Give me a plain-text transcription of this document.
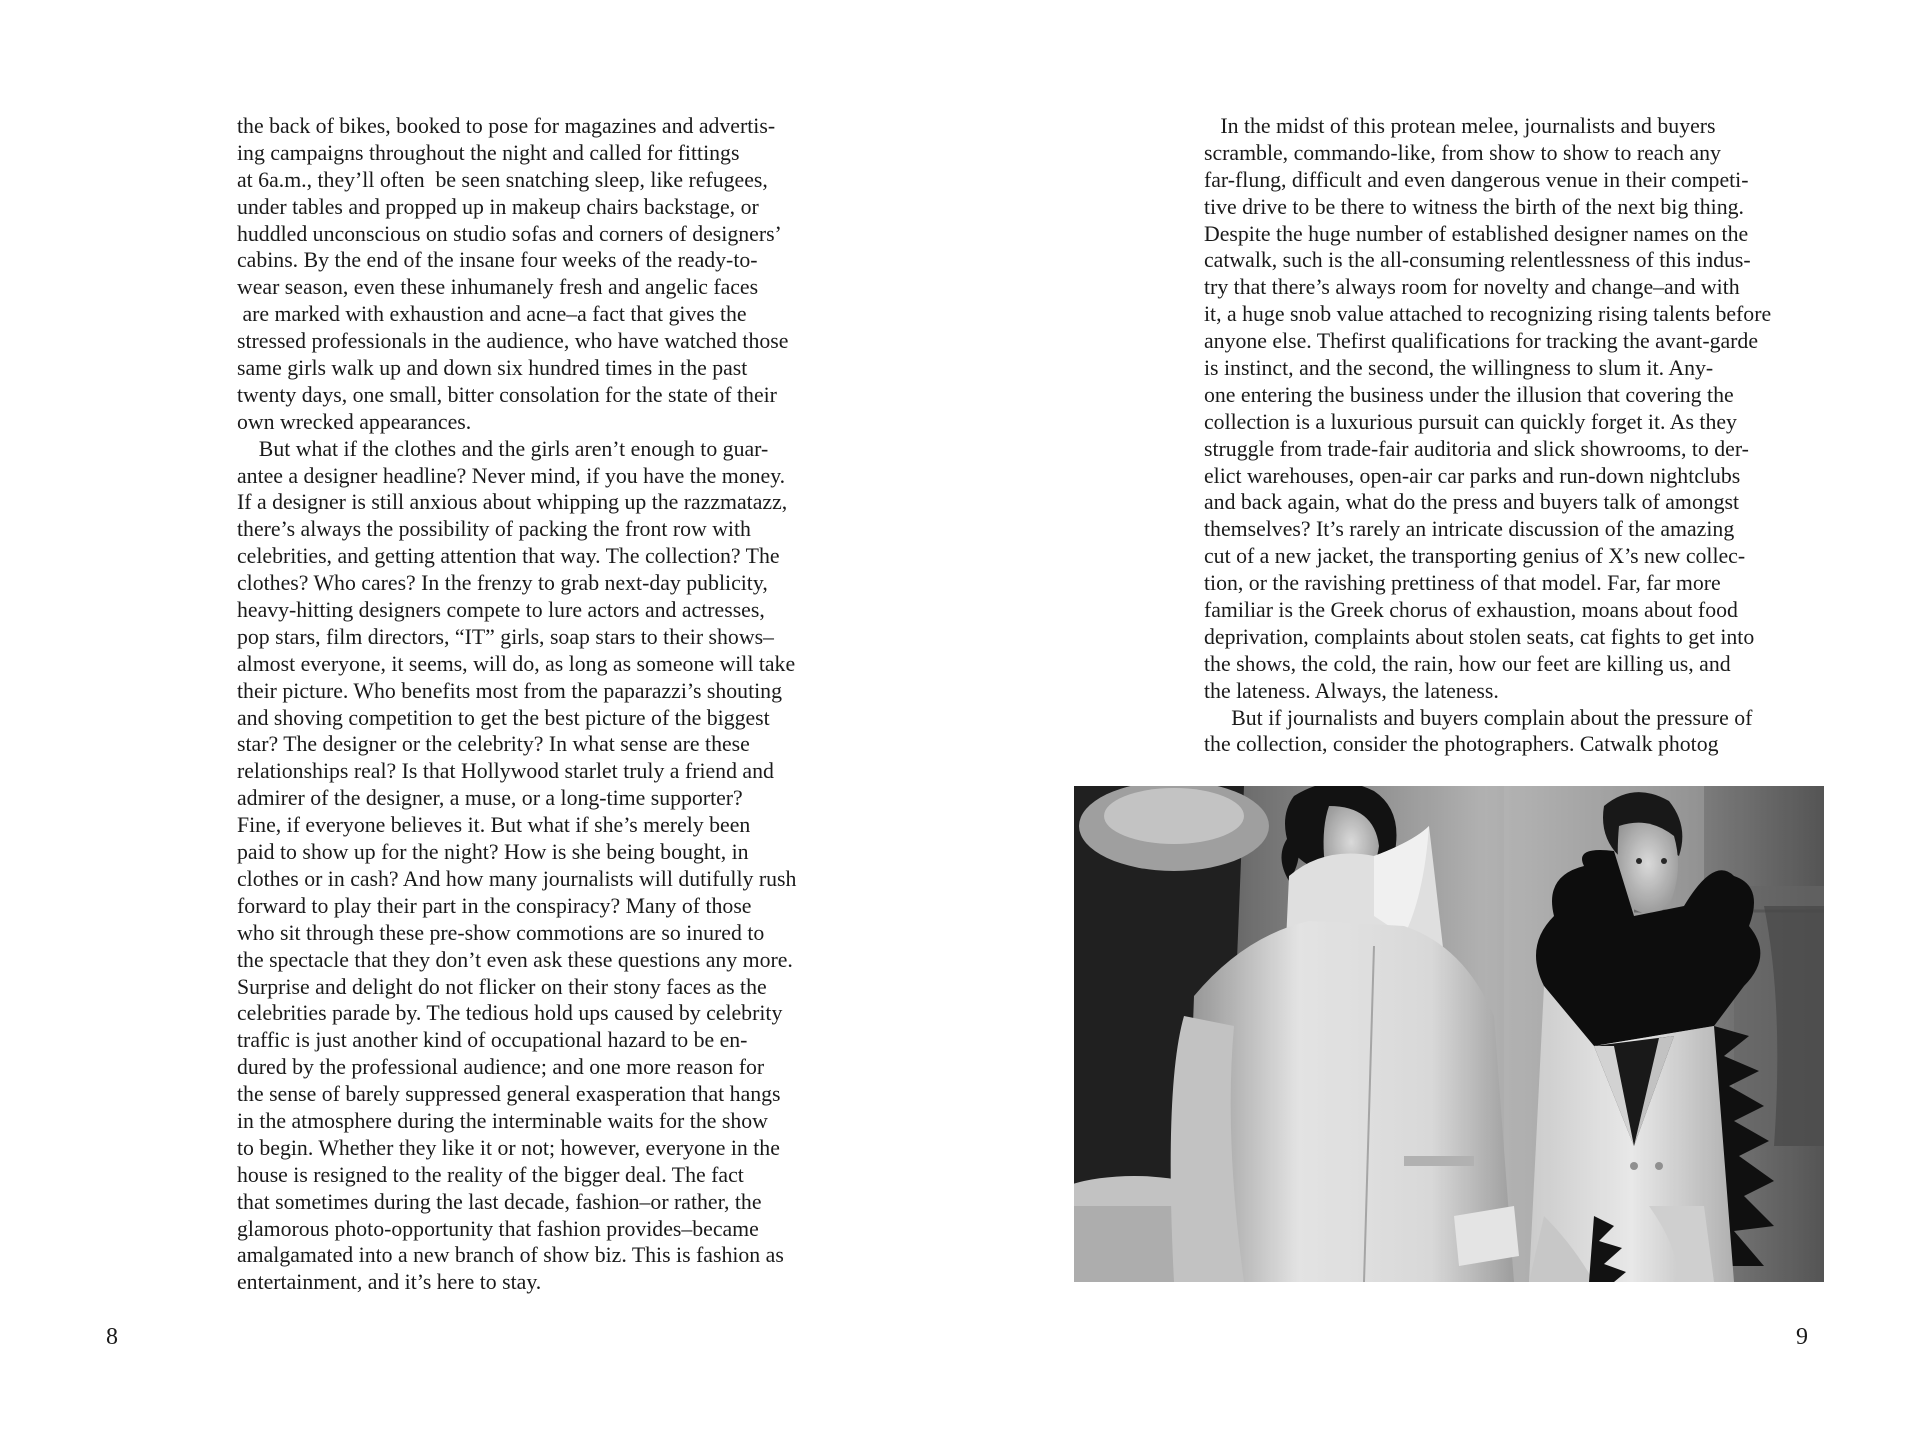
the back of bikes, booked to pose for magazines and advertis-
ing campaigns throughout the night and called for fittings
at 6a.m., they’ll often  be seen snatching sleep, like refugees,
under tables and propped up in makeup chairs backstage, or
huddled unconscious on studio sofas and corners of designers’
cabins. By the end of the insane four weeks of the ready-to-
wear season, even these inhumanely fresh and angelic faces
are marked with exhaustion and acne–a fact that gives the
stressed professionals in the audience, who have watched those
same girls walk up and down six hundred times in the past
twenty days, one small, bitter consolation for the state of their
own wrecked appearances.
But what if the clothes and the girls aren’t enough to guar-
antee a designer headline? Never mind, if you have the money.
If a designer is still anxious about whipping up the razzmatazz,
there’s always the possibility of packing the front row with
celebrities, and getting attention that way. The collection? The
clothes? Who cares? In the frenzy to grab next-day publicity,
heavy-hitting designers compete to lure actors and actresses,
pop stars, film directors, “IT” girls, soap stars to their shows–
almost everyone, it seems, will do, as long as someone will take
their picture. Who benefits most from the paparazzi’s shouting
and shoving competition to get the best picture of the biggest
star? The designer or the celebrity? In what sense are these
relationships real? Is that Hollywood starlet truly a friend and
admirer of the designer, a muse, or a long-time supporter?
Fine, if everyone believes it. But what if she’s merely been
paid to show up for the night? How is she being bought, in
clothes or in cash? And how many journalists will dutifully rush
forward to play their part in the conspiracy? Many of those
who sit through these pre-show commotions are so inured to
the spectacle that they don’t even ask these questions any more.
Surprise and delight do not flicker on their stony faces as the
celebrities parade by. The tedious hold ups caused by celebrity
traffic is just another kind of occupational hazard to be en-
dured by the professional audience; and one more reason for
the sense of barely suppressed general exasperation that hangs
in the atmosphere during the interminable waits for the show
to begin. Whether they like it or not; however, everyone in the
house is resigned to the reality of the bigger deal. The fact
that sometimes during the last decade, fashion–or rather, the
glamorous photo-opportunity that fashion provides–became
amalgamated into a new branch of show biz. This is fashion as
entertainment, and it’s here to stay.
8
In the midst of this protean melee, journalists and buyers
scramble, commando-like, from show to show to reach any
far-flung, difficult and even dangerous venue in their competi-
tive drive to be there to witness the birth of the next big thing.
Despite the huge number of established designer names on the
catwalk, such is the all-consuming relentlessness of this indus-
try that there’s always room for novelty and change–and with
it, a huge snob value attached to recognizing rising talents before
anyone else. Thefirst qualifications for tracking the avant-garde
is instinct, and the second, the willingness to slum it. Any-
one entering the business under the illusion that covering the
collection is a luxurious pursuit can quickly forget it. As they
struggle from trade-fair auditoria and slick showrooms, to der-
elict warehouses, open-air car parks and run-down nightclubs
and back again, what do the press and buyers talk of amongst
themselves? It’s rarely an intricate discussion of the amazing
cut of a new jacket, the transporting genius of X’s new collec-
tion, or the ravishing prettiness of that model. Far, far more
familiar is the Greek chorus of exhaustion, moans about food
deprivation, complaints about stolen seats, cat fights to get into
the shows, the cold, the rain, how our feet are killing us, and
the lateness. Always, the lateness.
But if journalists and buyers complain about the pressure of
the collection, consider the photographers. Catwalk photog
9
